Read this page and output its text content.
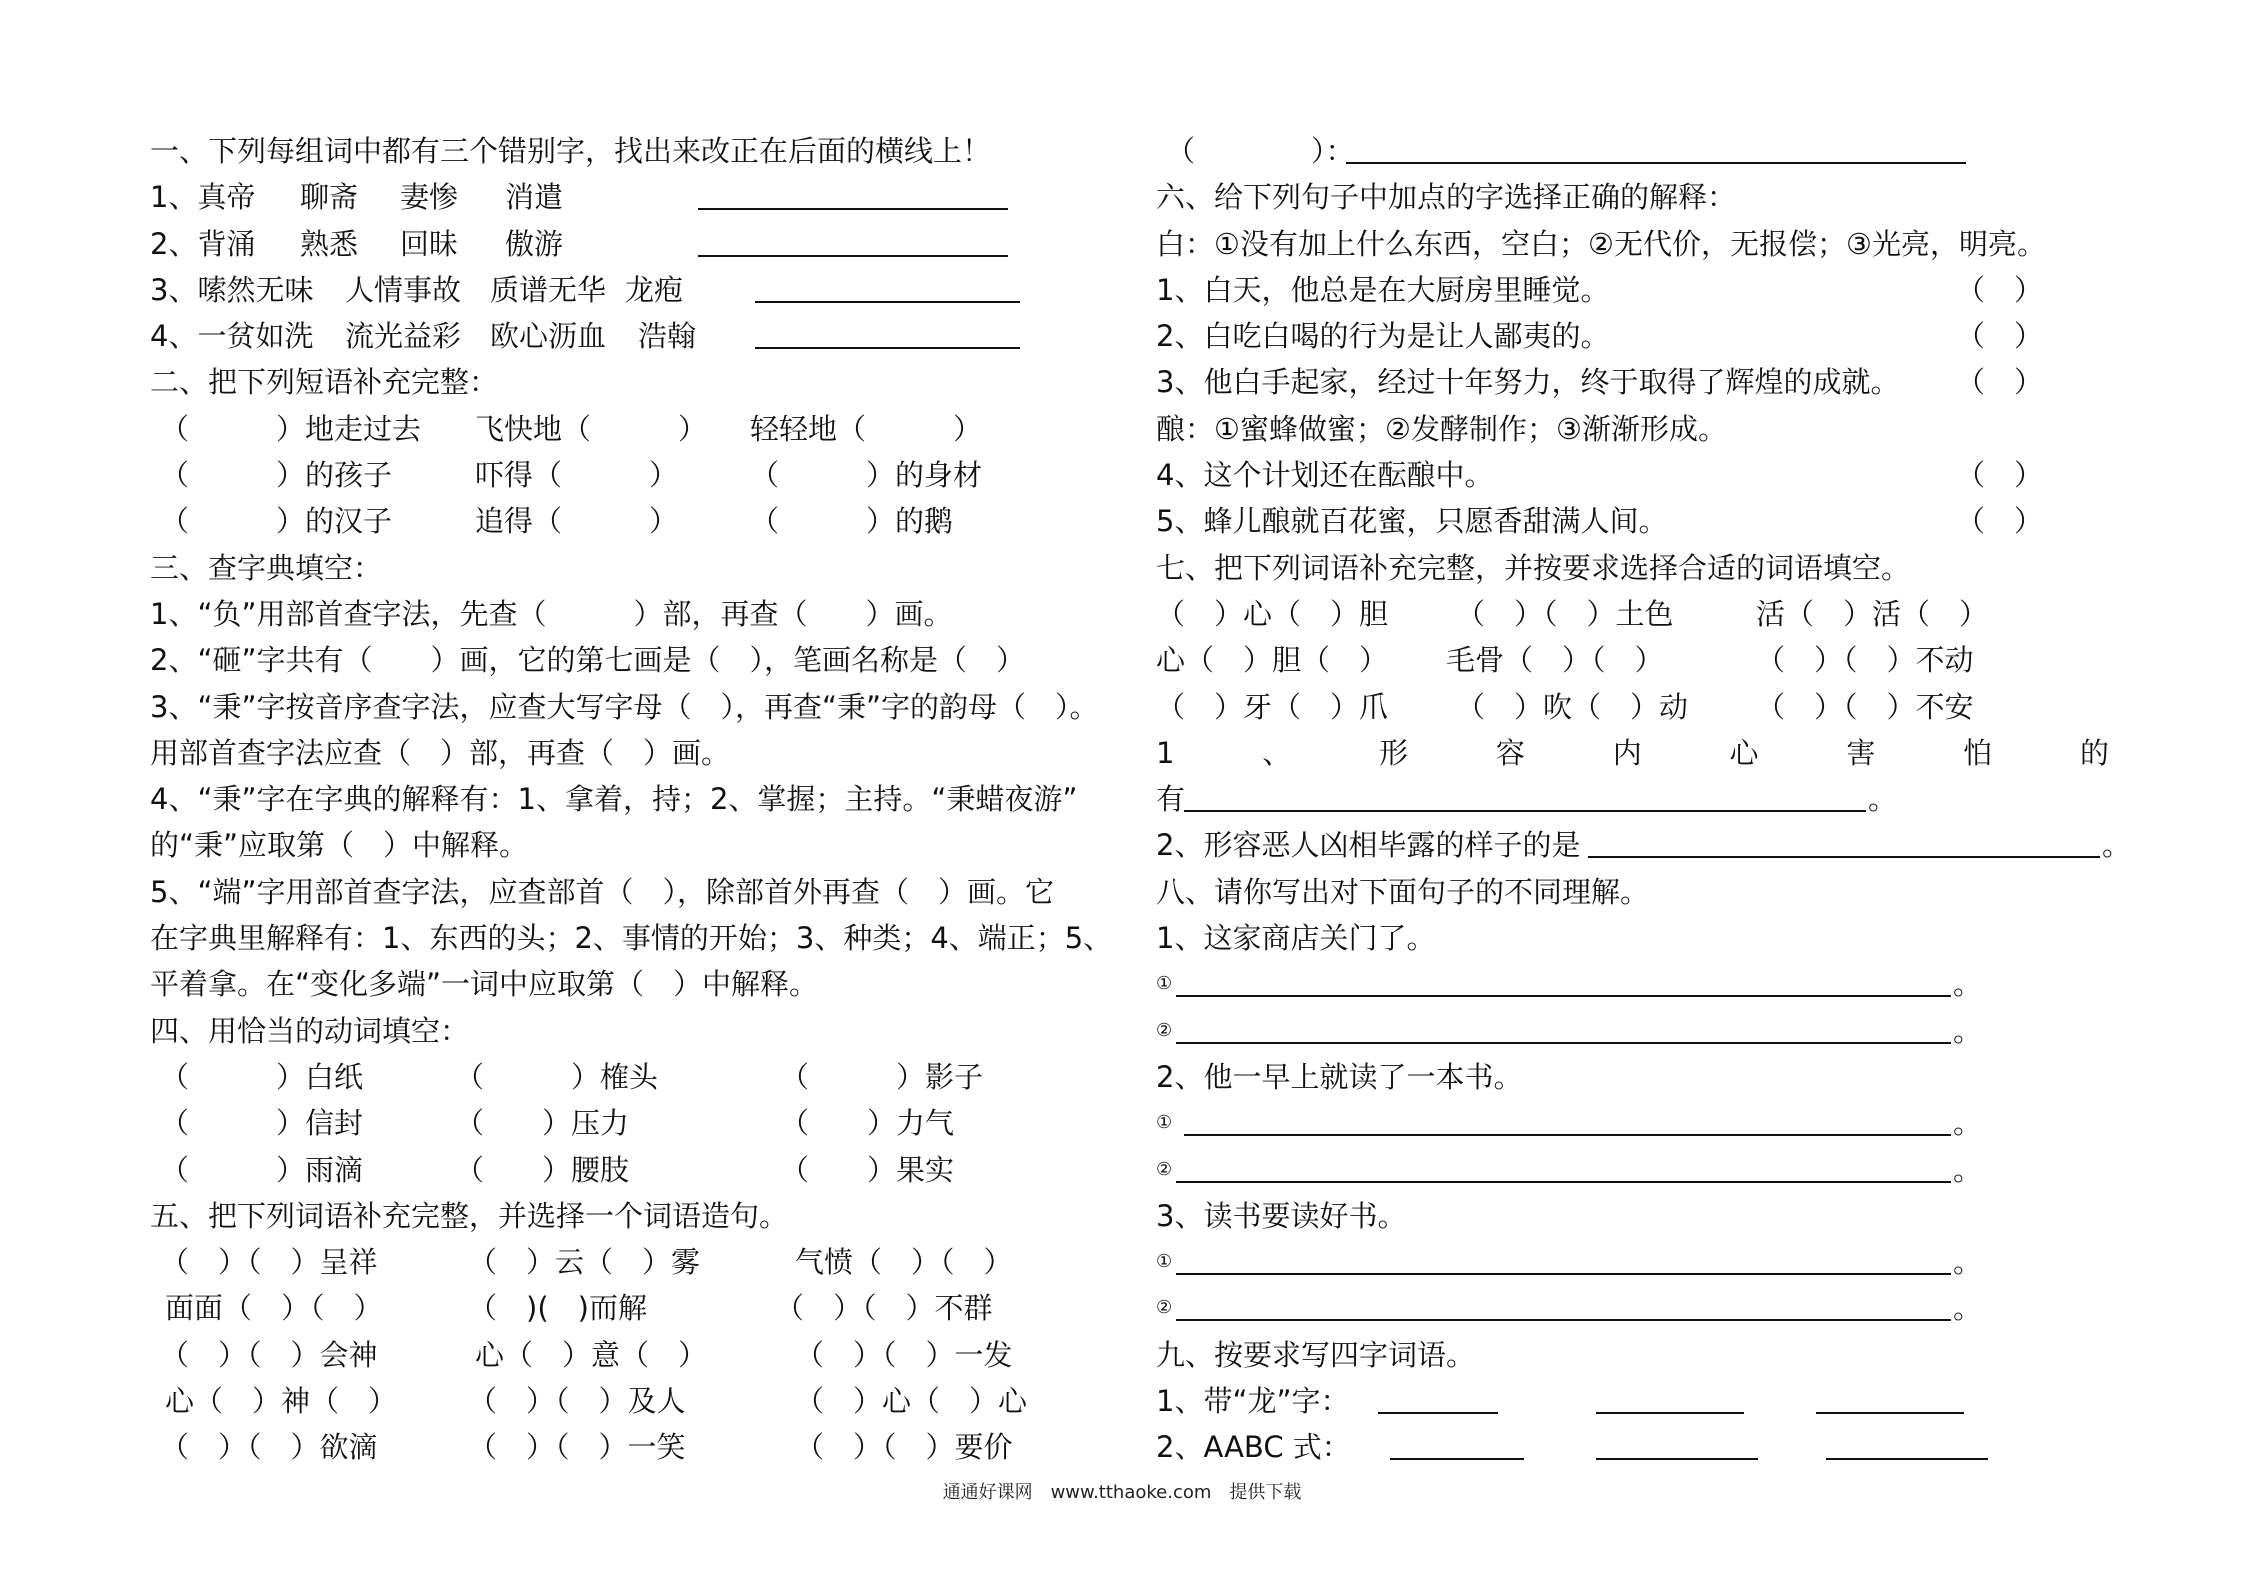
一、下列每组词中都有三个错别字，找出来改正在后面的横线上！
1、真帝 聊斋 妻惨 消遣
2、背涌 熟悉 回昧 傲游
3、嗦然无味 人情事故 质谱无华 龙疱
4、一贫如洗 流光益彩 欧心沥血 浩翰
二、把下列短语补充完整：
（　　　）地走过去 飞快地（　　　） 轻轻地（　　　）
（　　　）的孩子	吓得（　　　） （　　　）的身材
（　　　）的汉子	追得（　　　） （　　　）的鹅
三、查字典填空：
1、“负”用部首查字法，先查（　　　）部，再查（　　）画。
2、“砸”字共有（　　）画，它的第七画是（　），笔画名称是（　）
3、“秉”字按音序查字法，应查大写字母（　），再查“秉”字的韵母（　）。
用部首查字法应查（　）部，再查（　）画。
4、“秉”字在字典的解释有：1、拿着，持；2、掌握；主持。“秉蜡夜游”
的“秉”应取第（　）中解释。
5、“端”字用部首查字法，应查部首（　），除部首外再查（　）画。它
在字典里解释有：1、东西的头；2、事情的开始；3、种类；4、端正；5、
平着拿。在“变化多端”一词中应取第（　）中解释。
四、用恰当的动词填空：
（　　　）白纸	（　　　）榷头	（　　　）影子
（　　　）信封	（　　）压力	（　　）力气
（　　　）雨滴	（　　）腰肢	（　　）果实
五、把下列词语补充完整，并选择一个词语造句。
（　）（　）呈祥	（　）云（　）雾	气愤（　）（　）
面面（　）（　）	（　)(　)而解	（　）（　）不群
（　）（　）会神	心（　）意（　）	（　）（　）一发
心（　）神（　） （　）（　）及人	（　）心（　）心
（　）（　）欲滴	（　）（　）一笑	（　）（　）要价
（　　　　）：
六、给下列句子中加点的字选择正确的解释：
白：①没有加上什么东西，空白；②无代价，无报偿；③光亮，明亮。
1、白天，他总是在大厨房里睡觉。	（　）
2、白吃白喝的行为是让人鄙夷的。	（　）
3、他白手起家，经过十年努力，终于取得了辉煌的成就。 （　）
酿：①蜜蜂做蜜；②发酵制作；③渐渐形成。
4、这个计划还在酝酿中。	（　）
5、蜂儿酿就百花蜜，只愿香甜满人间。	（　）
七、把下列词语补充完整，并按要求选择合适的词语填空。
（　）心（　）胆 （　）（　）土色	活（　）活（　）
心（　）胆（　） 毛骨（　）（　）	（　）（　）不动
（　）牙（　）爪 （　）吹（　）动 （　）（　）不安
1	、	形	容	内	心	害	怕	的
有	。
2、形容恶人凶相毕露的样子的是	。
八、请你写出对下面句子的不同理解。
1、这家商店关门了。
①	。
②	。
2、他一早上就读了一本书。
①	。
②	。
3、读书要读好书。
①	。
②	。
九、按要求写四字词语。
1、带“龙”字：
2、AABC 式：
通通好课网　www.tthaoke.com　提供下载
